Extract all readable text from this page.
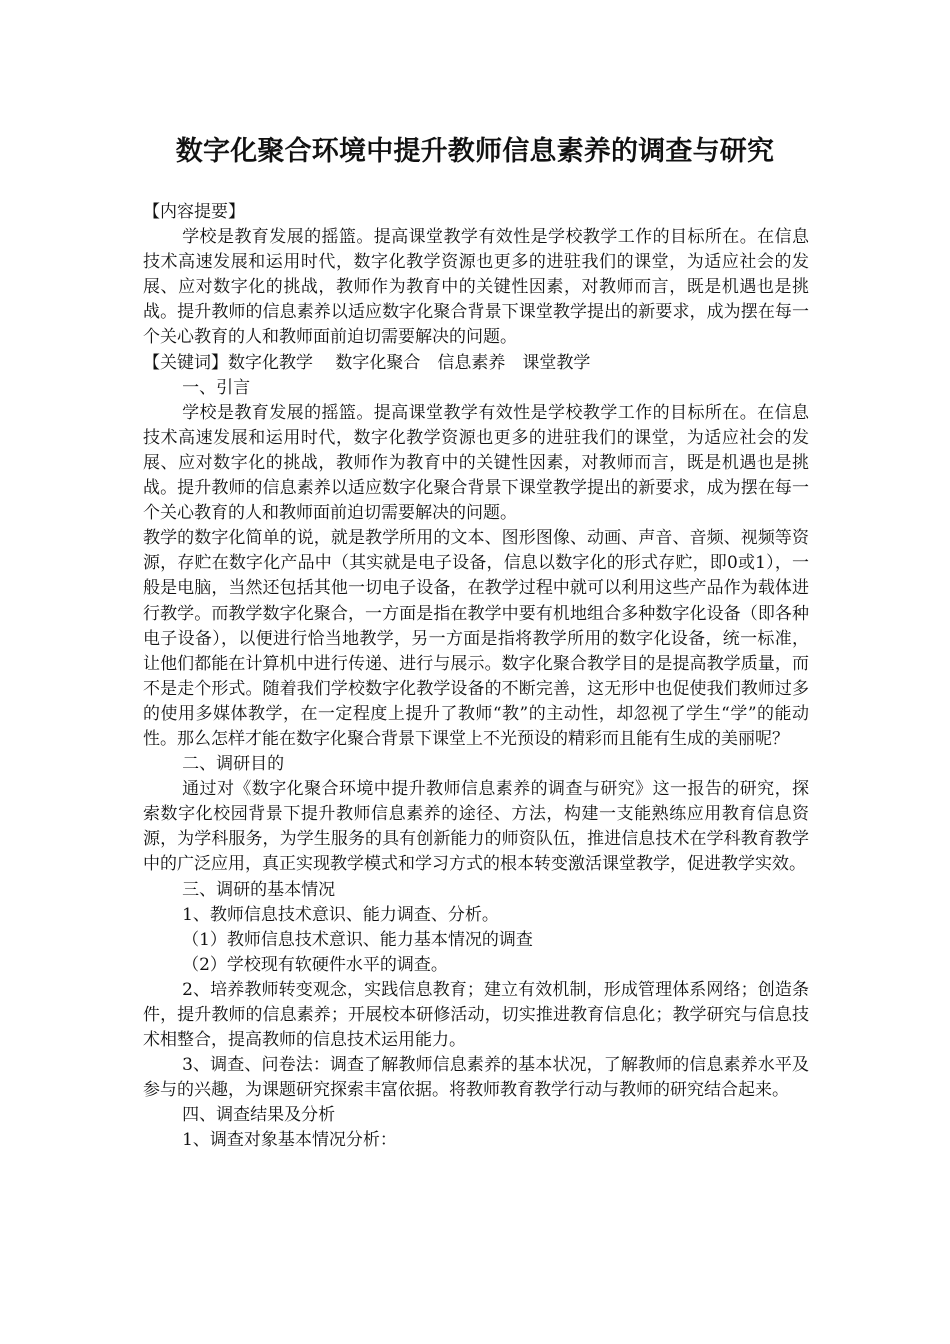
数字化聚合环境中提升教师信息素养的调查与研究

【内容提要】

学校是教育发展的摇篮。提高课堂教学有效性是学校教学工作的目标所在。在信息技术高速发展和运用时代，数字化教学资源也更多的进驻我们的课堂，为适应社会的发展、应对数字化的挑战，教师作为教育中的关键性因素，对教师而言，既是机遇也是挑战。提升教师的信息素养以适应数字化聚合背景下课堂教学提出的新要求，成为摆在每一个关心教育的人和教师面前迫切需要解决的问题。

【关键词】数字化教学　 数字化聚合　信息素养　课堂教学

一、引言

学校是教育发展的摇篮。提高课堂教学有效性是学校教学工作的目标所在。在信息技术高速发展和运用时代，数字化教学资源也更多的进驻我们的课堂，为适应社会的发展、应对数字化的挑战，教师作为教育中的关键性因素，对教师而言，既是机遇也是挑战。提升教师的信息素养以适应数字化聚合背景下课堂教学提出的新要求，成为摆在每一个关心教育的人和教师面前迫切需要解决的问题。

教学的数字化简单的说，就是教学所用的文本、图形图像、动画、声音、音频、视频等资源，存贮在数字化产品中（其实就是电子设备，信息以数字化的形式存贮，即0或1），一般是电脑，当然还包括其他一切电子设备，在教学过程中就可以利用这些产品作为载体进行教学。而教学数字化聚合，一方面是指在教学中要有机地组合多种数字化设备（即各种电子设备），以便进行恰当地教学，另一方面是指将教学所用的数字化设备，统一标准，让他们都能在计算机中进行传递、进行与展示。数字化聚合教学目的是提高教学质量，而不是走个形式。随着我们学校数字化教学设备的不断完善，这无形中也促使我们教师过多的使用多媒体教学，在一定程度上提升了教师“教”的主动性，却忽视了学生“学”的能动性。那么怎样才能在数字化聚合背景下课堂上不光预设的精彩而且能有生成的美丽呢？

二、调研目的

通过对《数字化聚合环境中提升教师信息素养的调查与研究》这一报告的研究，探索数字化校园背景下提升教师信息素养的途径、方法，构建一支能熟练应用教育信息资源，为学科服务，为学生服务的具有创新能力的师资队伍，推进信息技术在学科教育教学中的广泛应用，真正实现教学模式和学习方式的根本转变激活课堂教学，促进教学实效。

三、调研的基本情况

1、教师信息技术意识、能力调查、分析。

（1）教师信息技术意识、能力基本情况的调查

（2）学校现有软硬件水平的调查。

2、培养教师转变观念，实践信息教育；建立有效机制，形成管理体系网络；创造条件，提升教师的信息素养；开展校本研修活动，切实推进教育信息化；教学研究与信息技术相整合，提高教师的信息技术运用能力。

3、调查、问卷法：调查了解教师信息素养的基本状况，了解教师的信息素养水平及参与的兴趣，为课题研究探索丰富依据。将教师教育教学行动与教师的研究结合起来。

四、调查结果及分析

1、调查对象基本情况分析：
